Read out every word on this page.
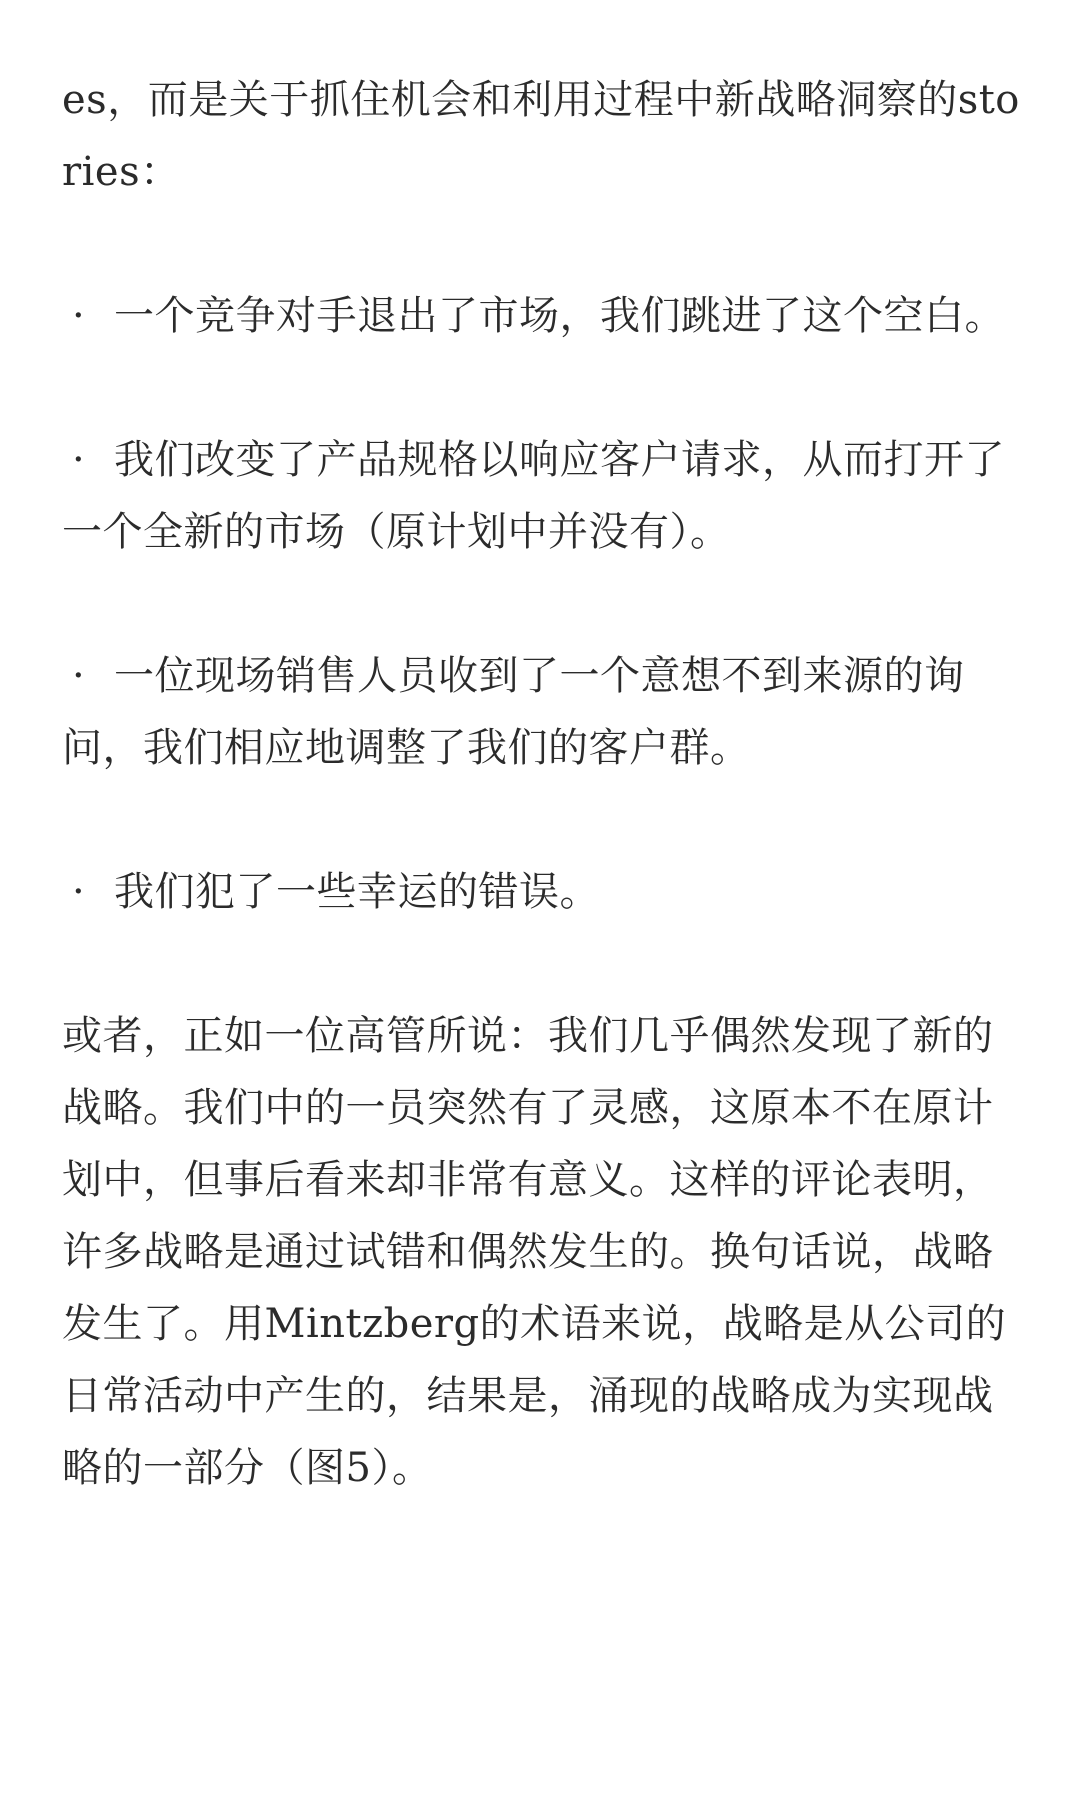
es，而是关于抓住机会和利用过程中新战略洞察的stories：

· 一个竞争对手退出了市场，我们跳进了这个空白。

· 我们改变了产品规格以响应客户请求，从而打开了一个全新的市场（原计划中并没有）。

· 一位现场销售人员收到了一个意想不到来源的询问，我们相应地调整了我们的客户群。

· 我们犯了一些幸运的错误。

或者，正如一位高管所说：我们几乎偶然发现了新的战略。我们中的一员突然有了灵感，这原本不在原计划中，但事后看来却非常有意义。这样的评论表明，许多战略是通过试错和偶然发生的。换句话说，战略发生了。用Mintzberg的术语来说，战略是从公司的日常活动中产生的，结果是，涌现的战略成为实现战略的一部分（图5）。
